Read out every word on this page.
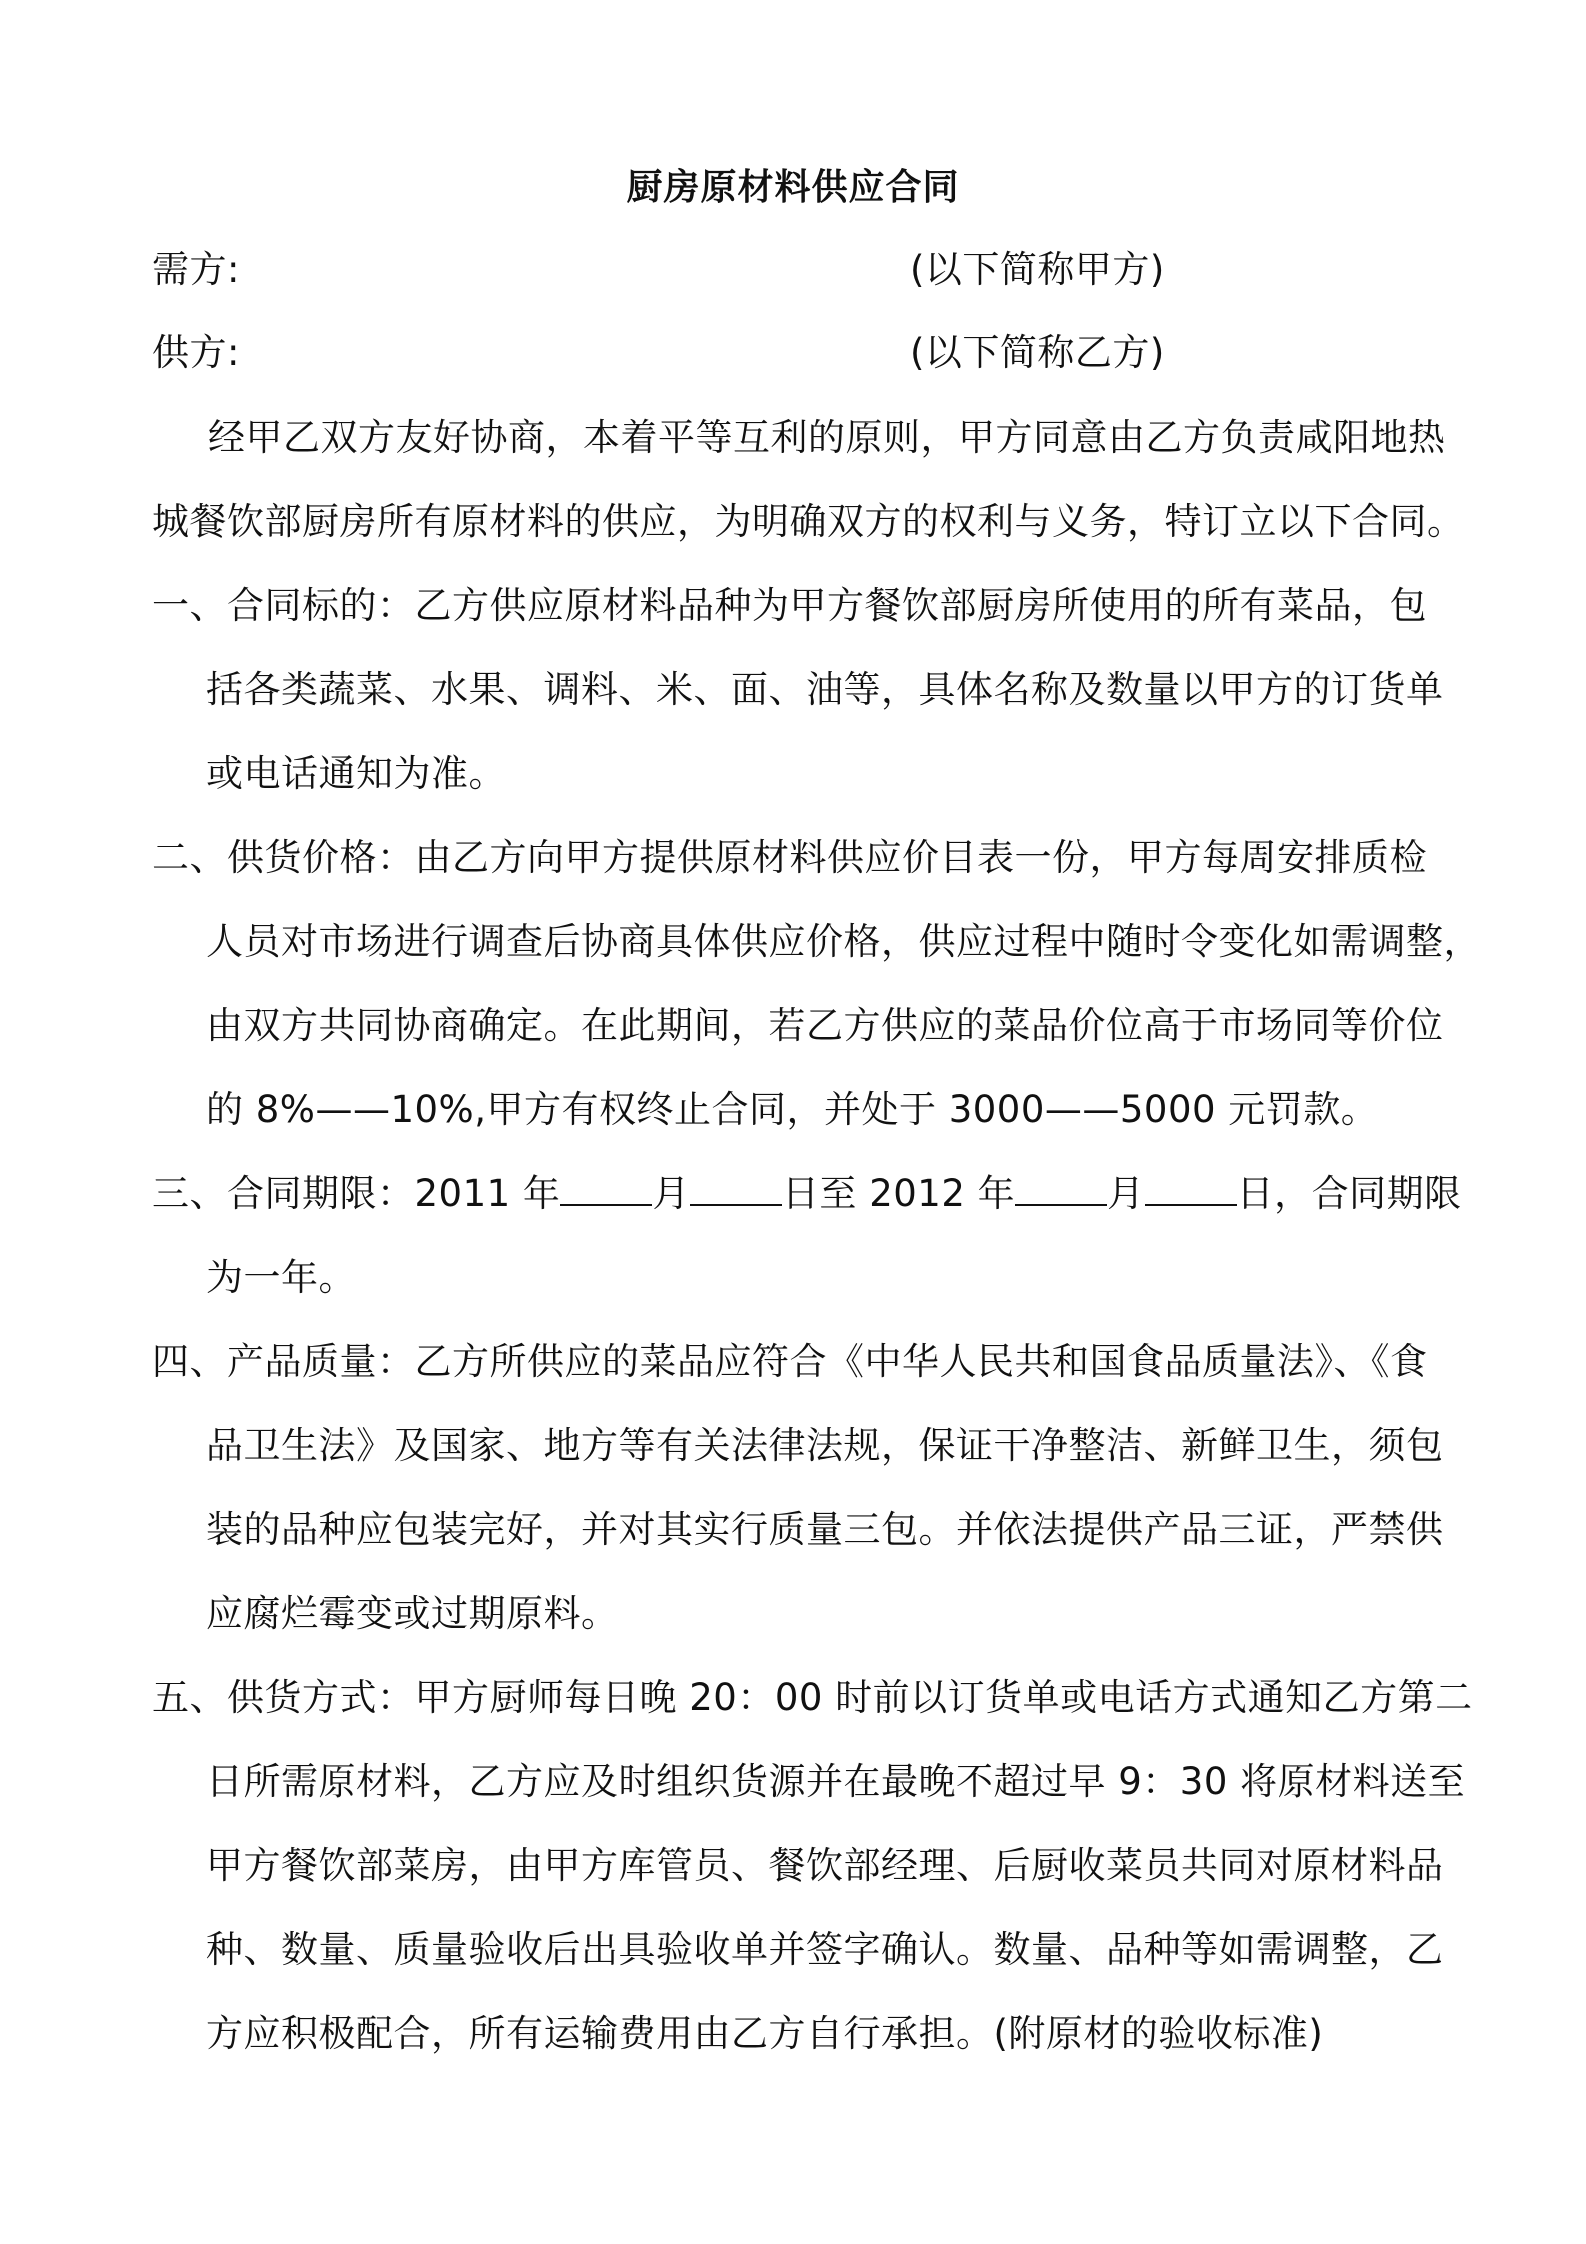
厨房原材料供应合同
需方:	(以下简称甲方)
供方:	(以下简称乙方)
经甲乙双方友好协商，本着平等互利的原则，甲方同意由乙方负责咸阳地热
城餐饮部厨房所有原材料的供应，为明确双方的权利与义务，特订立以下合同。
一、合同标的：乙方供应原材料品种为甲方餐饮部厨房所使用的所有菜品，包
括各类蔬菜、水果、调料、米、面、油等，具体名称及数量以甲方的订货单
或电话通知为准。
二、供货价格：由乙方向甲方提供原材料供应价目表一份，甲方每周安排质检
人员对市场进行调查后协商具体供应价格，供应过程中随时令变化如需调整，
由双方共同协商确定。在此期间，若乙方供应的菜品价位高于市场同等价位
的 8%——10%,甲方有权终止合同，并处于 3000——5000 元罚款。
三、合同期限：2011 年 月 日至 2012 年 月 日，合同期限
为一年。
四、产品质量：乙方所供应的菜品应符合《中华人民共和国食品质量法》、《食
品卫生法》及国家、地方等有关法律法规，保证干净整洁、新鲜卫生，须包
装的品种应包装完好，并对其实行质量三包。并依法提供产品三证，严禁供
应腐烂霉变或过期原料。
五、供货方式：甲方厨师每日晚 20：00 时前以订货单或电话方式通知乙方第二
日所需原材料，乙方应及时组织货源并在最晚不超过早 9：30 将原材料送至
甲方餐饮部菜房，由甲方库管员、餐饮部经理、后厨收菜员共同对原材料品
种、数量、质量验收后出具验收单并签字确认。数量、品种等如需调整，乙
方应积极配合，所有运输费用由乙方自行承担。(附原材的验收标准)
